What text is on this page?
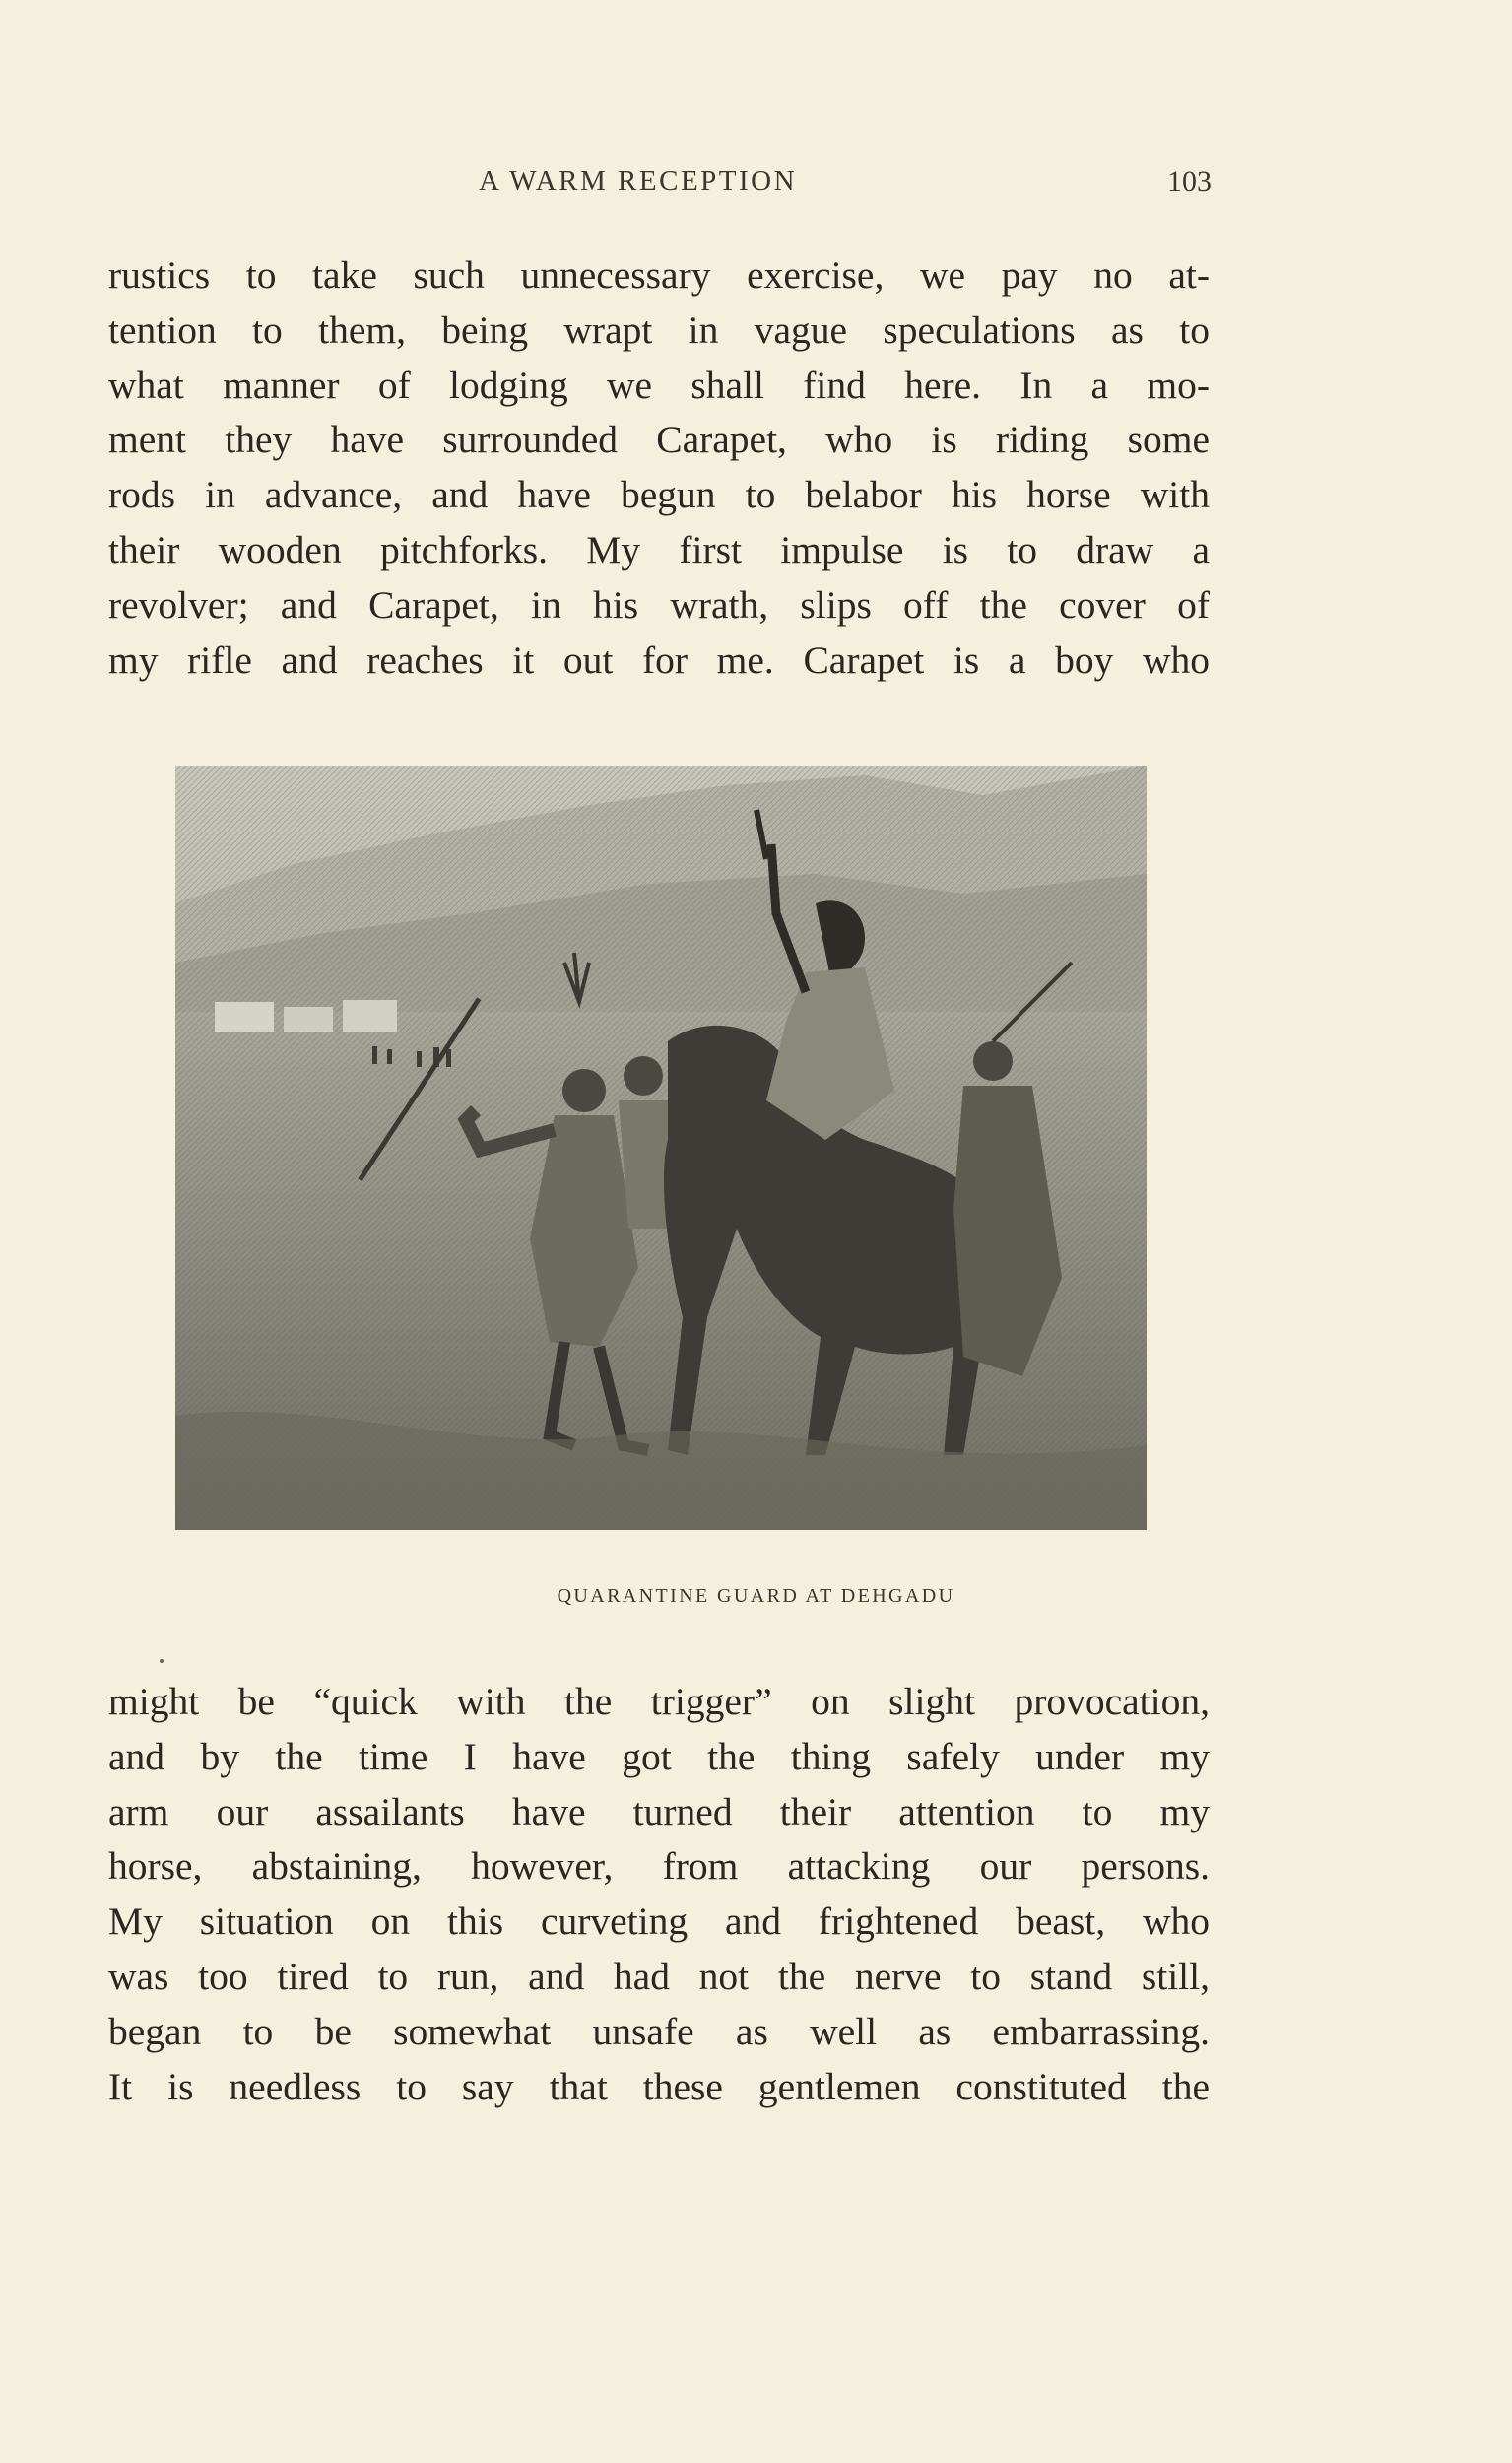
A WARM RECEPTION	103
rustics to take such unnecessary exercise, we pay no at-
tention to them, being wrapt in vague speculations as to
what manner of lodging we shall find here. In a mo-
ment they have surrounded Carapet, who is riding some
rods in advance, and have begun to belabor his horse with
their wooden pitchforks. My first impulse is to draw a
revolver; and Carapet, in his wrath, slips off the cover of
my rifle and reaches it out for me. Carapet is a boy who
QUARANTINE GUARD AT DEHGADU
might be “quick with the trigger” on slight provocation,
and by the time I have got the thing safely under my
arm our assailants have turned their attention to my
horse, abstaining, however, from attacking our persons.
My situation on this curveting and frightened beast, who
was too tired to run, and had not the nerve to stand still,
began to be somewhat unsafe as well as embarrassing.
It is needless to say that these gentlemen constituted the
